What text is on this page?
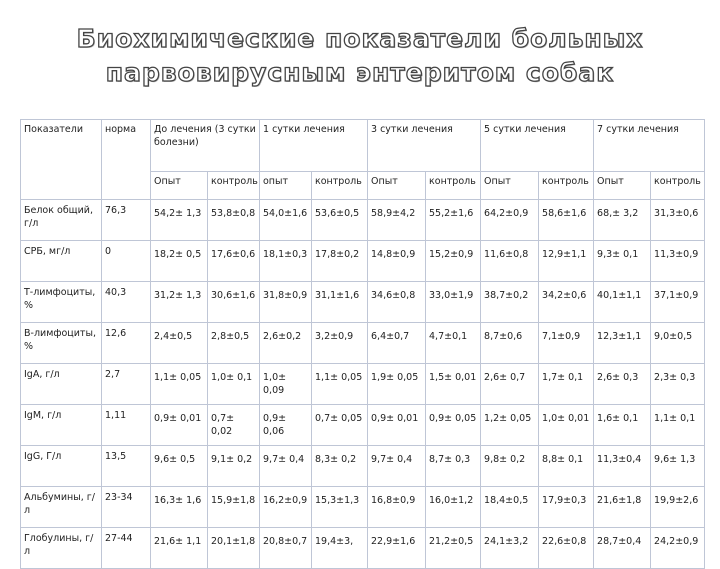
Биохимические показатели больных
парвовирусным энтеритом собак
Показатели	норма	До лечения (3 сутки болезни)		1 сутки лечения		3 сутки лечения		5 сутки лечения		7 сутки лечения	
		Опыт	контроль	опыт	контроль	Опыт	контроль	Опыт	контроль	Опыт	контроль
Белок общий, г/л	76,3	54,2± 1,3	53,8±0,8	54,0±1,6	53,6±0,5	58,9±4,2	55,2±1,6	64,2±0,9	58,6±1,6	68,± 3,2	31,3±0,6
СРБ, мг/л	0	18,2± 0,5	17,6±0,6	18,1±0,3	17,8±0,2	14,8±0,9	15,2±0,9	11,6±0,8	12,9±1,1	9,3± 0,1	11,3±0,9
Т-лимфоциты, %	40,3	31,2± 1,3	30,6±1,6	31,8±0,9	31,1±1,6	34,6±0,8	33,0±1,9	38,7±0,2	34,2±0,6	40,1±1,1	37,1±0,9
В-лимфоциты, %	12,6	2,4±0,5	2,8±0,5	2,6±0,2	3,2±0,9	6,4±0,7	4,7±0,1	8,7±0,6	7,1±0,9	12,3±1,1	9,0±0,5
IgA, г/л	2,7	1,1± 0,05	1,0± 0,1	1,0± 0,09	1,1± 0,05	1,9± 0,05	1,5± 0,01	2,6± 0,7	1,7± 0,1	2,6± 0,3	2,3± 0,3
IgM, г/л	1,11	0,9± 0,01	0,7± 0,02	0,9± 0,06	0,7± 0,05	0,9± 0,01	0,9± 0,05	1,2± 0,05	1,0± 0,01	1,6± 0,1	1,1± 0,1
IgG, Г/л	13,5	9,6± 0,5	9,1± 0,2	9,7± 0,4	8,3± 0,2	9,7± 0,4	8,7± 0,3	9,8± 0,2	8,8± 0,1	11,3±0,4	9,6± 1,3
Альбумины, г/л	23-34	16,3± 1,6	15,9±1,8	16,2±0,9	15,3±1,3	16,8±0,9	16,0±1,2	18,4±0,5	17,9±0,3	21,6±1,8	19,9±2,6
Глобулины, г/л	27-44	21,6± 1,1	20,1±1,8	20,8±0,7	19,4±3,	22,9±1,6	21,2±0,5	24,1±3,2	22,6±0,8	28,7±0,4	24,2±0,9
